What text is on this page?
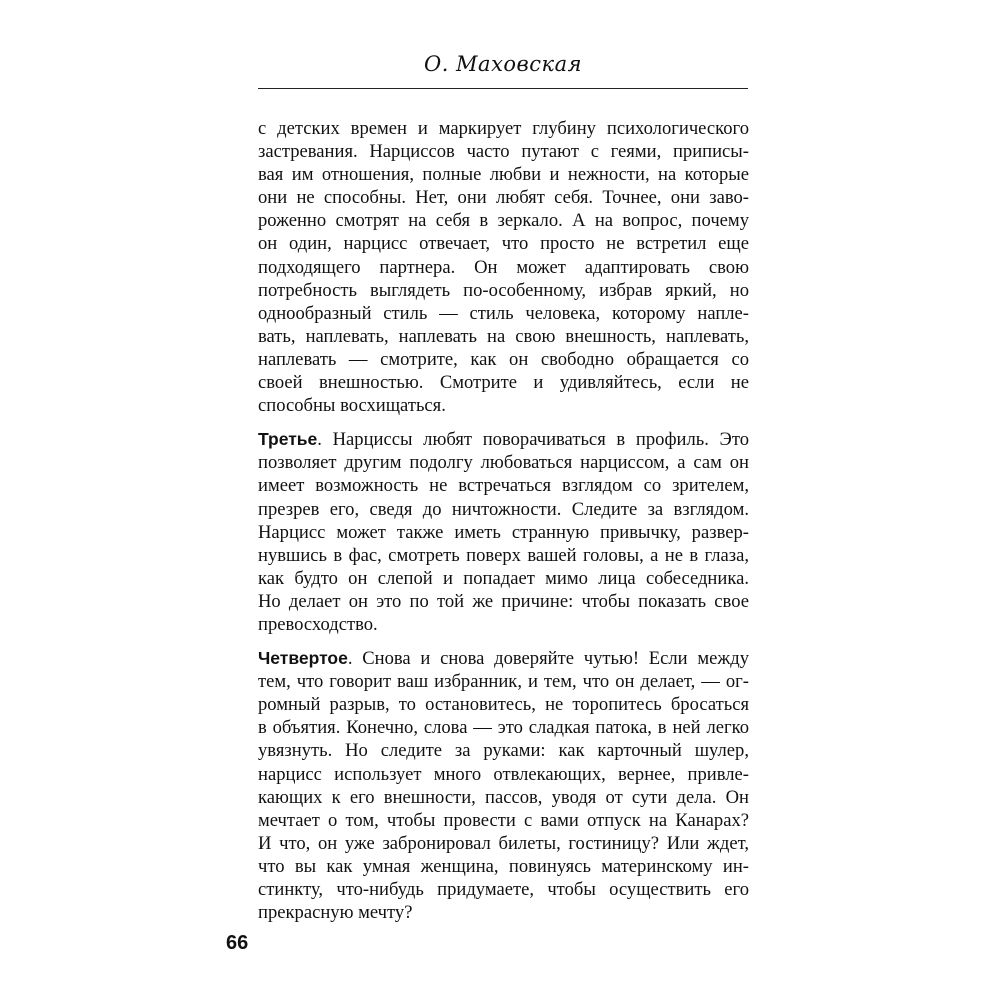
О. Маховская
с детских времен и маркирует глубину психологического
застревания. Нарциссов часто путают с геями, приписы-
вая им отношения, полные любви и нежности, на которые
они не способны. Нет, они любят себя. Точнее, они заво-
роженно смотрят на себя в зеркало. А на вопрос, почему
он один, нарцисс отвечает, что просто не встретил еще
подходящего партнера. Он может адаптировать свою
потребность выглядеть по-особенному, избрав яркий, но
однообразный стиль — стиль человека, которому напле-
вать, наплевать, наплевать на свою внешность, наплевать,
наплевать — смотрите, как он свободно обращается со
своей внешностью. Смотрите и удивляйтесь, если не
способны восхищаться.
Третье. Нарциссы любят поворачиваться в профиль. Это
позволяет другим подолгу любоваться нарциссом, а сам он
имеет возможность не встречаться взглядом со зрителем,
презрев его, сведя до ничтожности. Следите за взглядом.
Нарцисс может также иметь странную привычку, развер-
нувшись в фас, смотреть поверх вашей головы, а не в глаза,
как будто он слепой и попадает мимо лица собеседника.
Но делает он это по той же причине: чтобы показать свое
превосходство.
Четвертое. Снова и снова доверяйте чутью! Если между
тем, что говорит ваш избранник, и тем, что он делает, — ог-
ромный разрыв, то остановитесь, не торопитесь бросаться
в объятия. Конечно, слова — это сладкая патока, в ней легко
увязнуть. Но следите за руками: как карточный шулер,
нарцисс использует много отвлекающих, вернее, привле-
кающих к его внешности, пассов, уводя от сути дела. Он
мечтает о том, чтобы провести с вами отпуск на Канарах?
И что, он уже забронировал билеты, гостиницу? Или ждет,
что вы как умная женщина, повинуясь материнскому ин-
стинкту, что-нибудь придумаете, чтобы осуществить его
прекрасную мечту?
66
